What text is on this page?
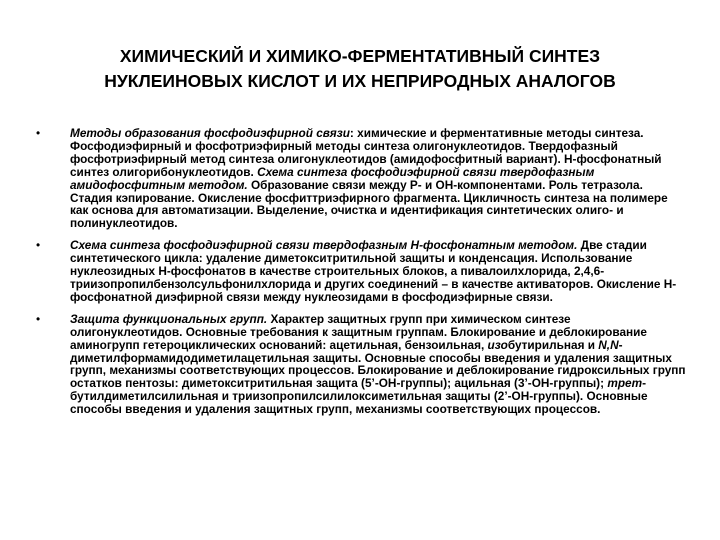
ХИМИЧЕСКИЙ И ХИМИКО-ФЕРМЕНТАТИВНЫЙ СИНТЕЗ
НУКЛЕИНОВЫХ КИСЛОТ И ИХ НЕПРИРОДНЫХ АНАЛОГОВ
•	Методы образования фосфодиэфирной связи: химические и ферментативные методы синтеза. Фосфодиэфирный и фосфотриэфирный методы синтеза олигонуклеотидов. Твердофазный фосфотриэфирный метод синтеза олигонуклеотидов (амидофосфитный вариант). Н-фосфонатный синтез олигорибонуклеотидов. Схема синтеза фосфодиэфирной связи твердофазным амидофосфитным методом. Образование связи между Р- и ОН-компонентами. Роль тетразола. Стадия кэпирование. Окисление фосфиттриэфирного фрагмента. Цикличность синтеза на полимере как основа для автоматизации. Выделение, очистка и идентификация синтетических олиго- и полинуклеотидов.
•	Схема синтеза фосфодиэфирной связи твердофазным Н-фосфонатным методом. Две стадии синтетического цикла: удаление диметокситритильной защиты и конденсация. Использование нуклеозидных Н-фосфонатов в качестве строительных блоков, а пивалоилхлорида, 2,4,6-триизопропилбензолсульфонилхлорида и других соединений – в качестве активаторов. Окисление Н-фосфонатной диэфирной связи между нуклеозидами в фосфодиэфирные связи.
•	Защита функциональных групп. Характер защитных групп при химическом синтезе олигонуклеотидов. Основные требования к защитным группам. Блокирование и деблокирование аминогрупп гетероциклических оснований: ацетильная, бензоильная, изобутирильная и N,N-диметилформамидодиметилацетильная защиты. Основные способы введения и удаления защитных групп, механизмы соответствующих процессов. Блокирование и деблокирование гидроксильных групп остатков пентозы: диметокситритильная защита (5’-ОН-группы); ацильная (3’-ОН-группы); трет-бутилдиметилсилильная и триизопропилсилилоксиметильная защиты (2’-ОН-группы). Основные способы введения и удаления защитных групп, механизмы соответствующих процессов.
